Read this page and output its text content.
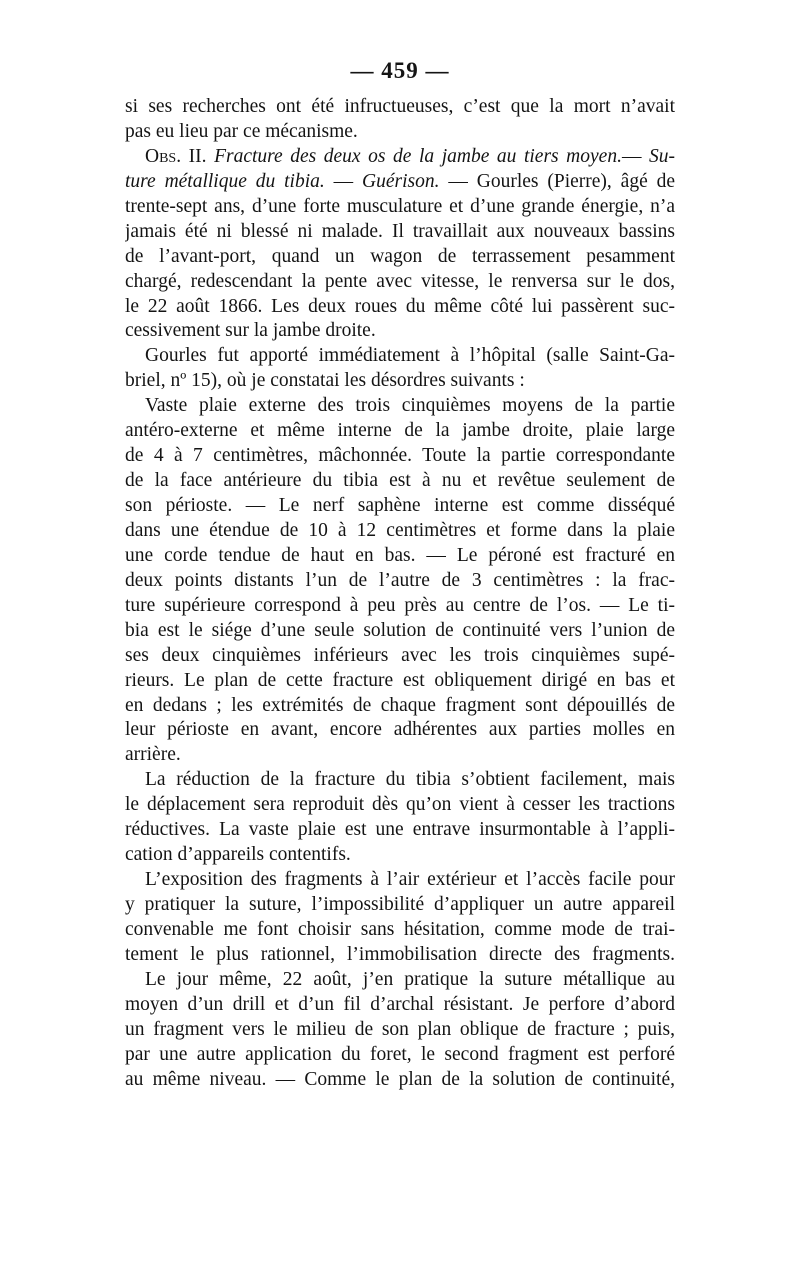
— 459 —
si ses recherches ont été infructueuses, c’est que la mort n’avait
pas eu lieu par ce mécanisme.
Obs. II. Fracture des deux os de la jambe au tiers moyen.— Su-
ture métallique du tibia. — Guérison. — Gourles (Pierre), âgé de
trente-sept ans, d’une forte musculature et d’une grande énergie, n’a
jamais été ni blessé ni malade. Il travaillait aux nouveaux bassins
de l’avant-port, quand un wagon de terrassement pesamment
chargé, redescendant la pente avec vitesse, le renversa sur le dos,
le 22 août 1866. Les deux roues du même côté lui passèrent suc-
cessivement sur la jambe droite.
Gourles fut apporté immédiatement à l’hôpital (salle Saint-Ga-
briel, nº 15), où je constatai les désordres suivants :
Vaste plaie externe des trois cinquièmes moyens de la partie
antéro-externe et même interne de la jambe droite, plaie large
de 4 à 7 centimètres, mâchonnée. Toute la partie correspondante
de la face antérieure du tibia est à nu et revêtue seulement de
son périoste. — Le nerf saphène interne est comme disséqué
dans une étendue de 10 à 12 centimètres et forme dans la plaie
une corde tendue de haut en bas. — Le péroné est fracturé en
deux points distants l’un de l’autre de 3 centimètres : la frac-
ture supérieure correspond à peu près au centre de l’os. — Le ti-
bia est le siége d’une seule solution de continuité vers l’union de
ses deux cinquièmes inférieurs avec les trois cinquièmes supé-
rieurs. Le plan de cette fracture est obliquement dirigé en bas et
en dedans ; les extrémités de chaque fragment sont dépouillés de
leur périoste en avant, encore adhérentes aux parties molles en
arrière.
La réduction de la fracture du tibia s’obtient facilement, mais
le déplacement sera reproduit dès qu’on vient à cesser les tractions
réductives. La vaste plaie est une entrave insurmontable à l’appli-
cation d’appareils contentifs.
L’exposition des fragments à l’air extérieur et l’accès facile pour
y pratiquer la suture, l’impossibilité d’appliquer un autre appareil
convenable me font choisir sans hésitation, comme mode de trai-
tement le plus rationnel, l’immobilisation directe des fragments.
Le jour même, 22 août, j’en pratique la suture métallique au
moyen d’un drill et d’un fil d’archal résistant. Je perfore d’abord
un fragment vers le milieu de son plan oblique de fracture ; puis,
par une autre application du foret, le second fragment est perforé
au même niveau. — Comme le plan de la solution de continuité,
